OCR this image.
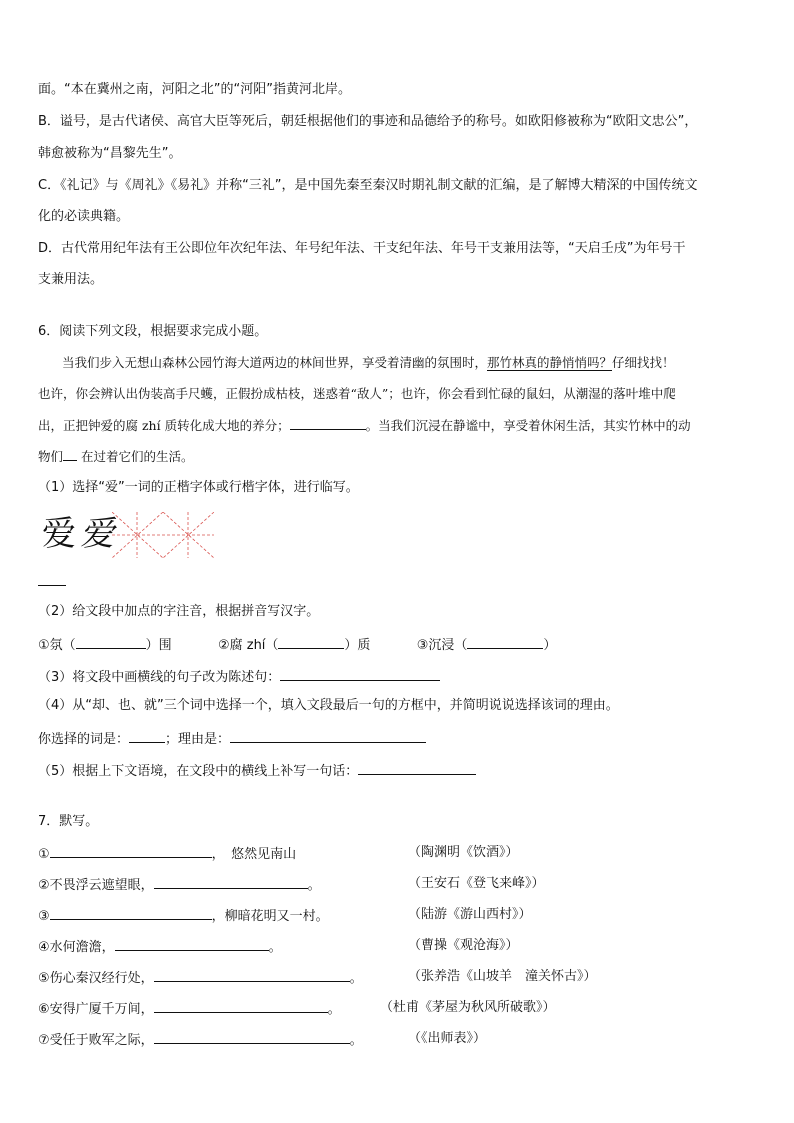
面。“本在冀州之南，河阳之北”的“河阳”指黄河北岸。
B．谥号，是古代诸侯、高官大臣等死后，朝廷根据他们的事迹和品德给予的称号。如欧阳修被称为“欧阳文忠公”，
韩愈被称为“昌黎先生”。
C．《礼记》与《周礼》《易礼》并称“三礼”，是中国先秦至秦汉时期礼制文献的汇编，是了解博大精深的中国传统文
化的必读典籍。
D．古代常用纪年法有王公即位年次纪年法、年号纪年法、干支纪年法、年号干支兼用法等，“天启壬戌”为年号干
支兼用法。
6．阅读下列文段，根据要求完成小题。
当我们步入无想山森林公园竹海大道两边的林间世界，享受着清幽的氛围时，那竹林真的静悄悄吗？仔细找找！
也许，你会辨认出伪装高手尺蠖，正假扮成枯枝，迷惑着“敌人”；也许，你会看到忙碌的鼠妇，从潮湿的落叶堆中爬
出，正把钟爱的腐 zhí 质转化成大地的养分；	。当我们沉浸在静谧中，享受着休闲生活，其实竹林中的动
物们 在过着它们的生活。
（1）选择“爱”一词的正楷字体或行楷字体，进行临写。
爱 爱
（2）给文段中加点的字注音，根据拼音写汉字。
①氛（	）围	②腐 zhí（	）质	③沉浸（	）
（3）将文段中画横线的句子改为陈述句：
（4）从“却、也、就”三个词中选择一个，填入文段最后一句的方框中，并简明说说选择该词的理由。
你选择的词是：	；理由是：
（5）根据上下文语境，在文段中的横线上补写一句话：
7．默写。
①	，　悠然见南山	（陶渊明《饮酒》）
②不畏浮云遮望眼，	。	（王安石《登飞来峰》）
③	，柳暗花明又一村。	（陆游《游山西村》）
④水何澹澹，	。	（曹操《观沧海》）
⑤伤心秦汉经行处，	。	（张养浩《山坡羊　潼关怀古》）
⑥安得广厦千万间，	。	（杜甫《茅屋为秋风所破歌》）
⑦受任于败军之际，	。	（《出师表》）
